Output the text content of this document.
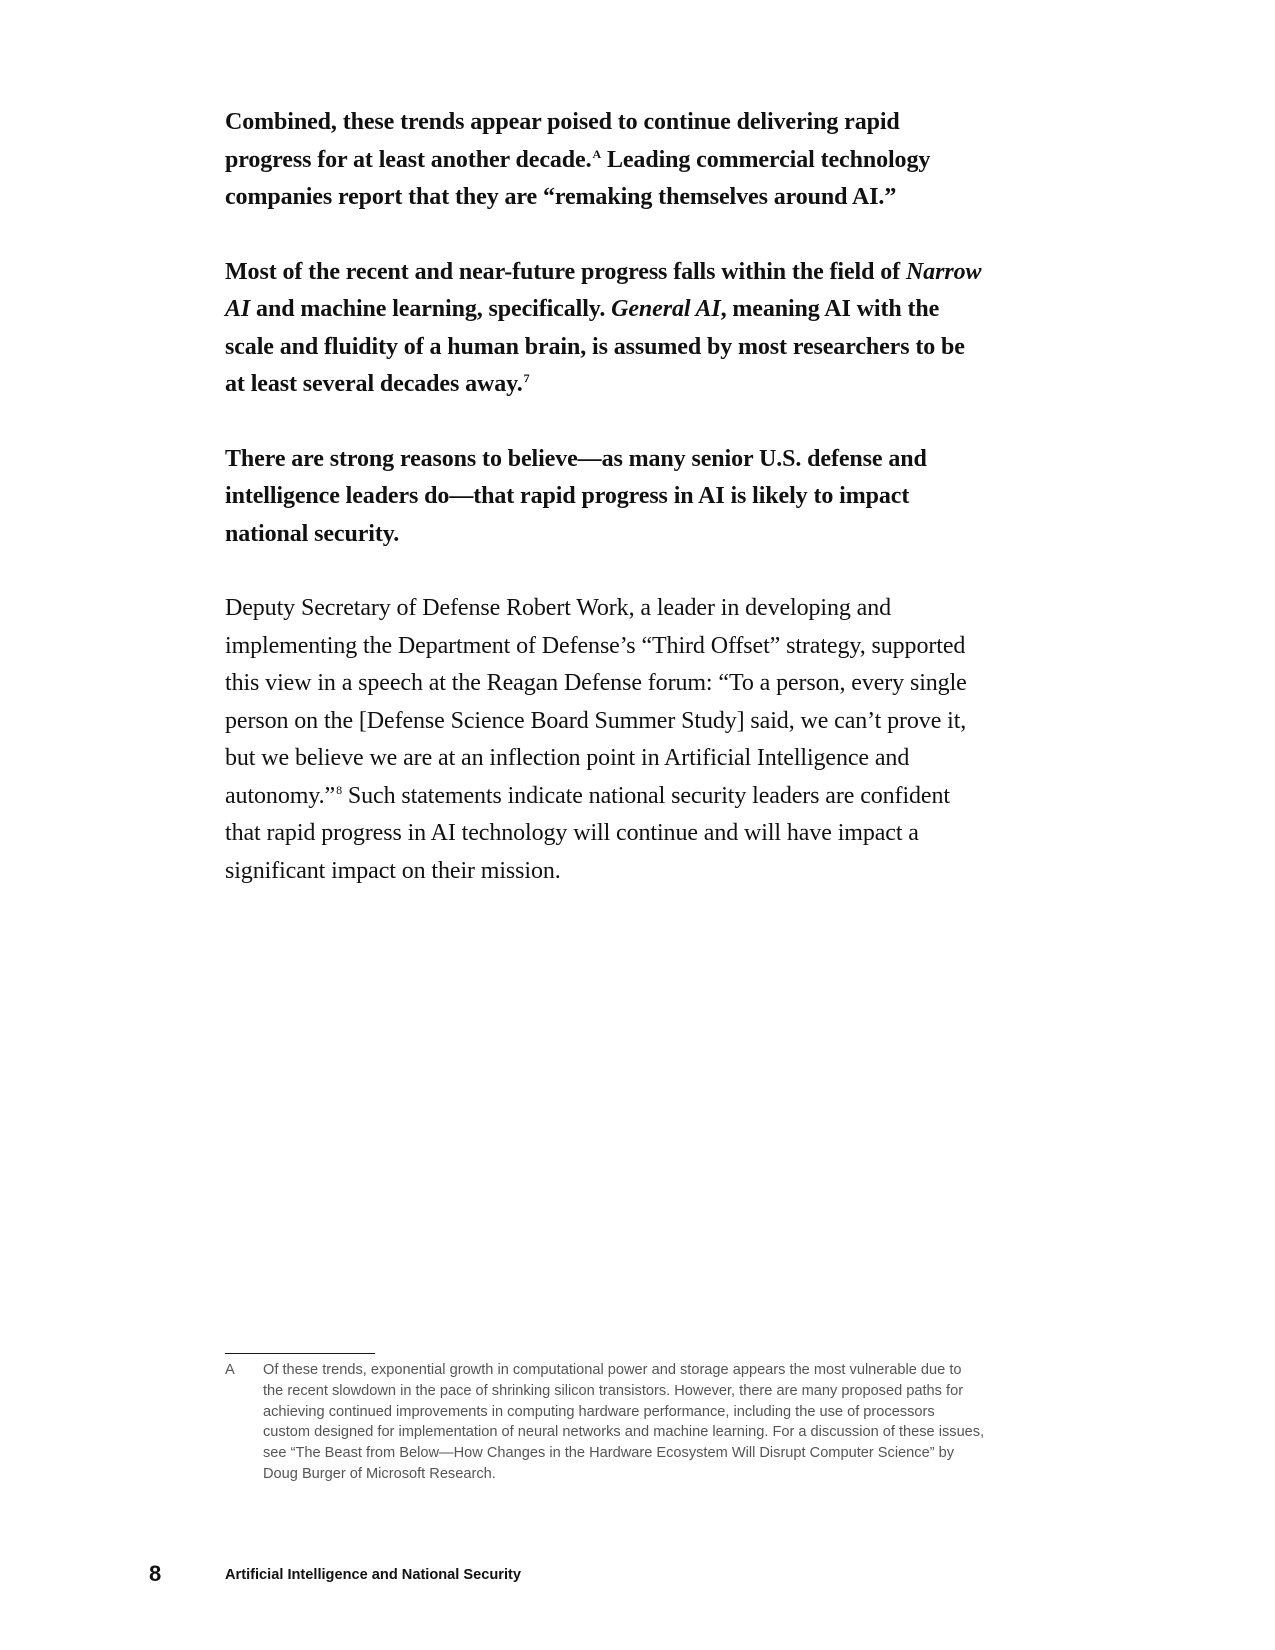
Combined, these trends appear poised to continue delivering rapid progress for at least another decade.$^A$ Leading commercial technology companies report that they are “remaking themselves around AI.”

Most of the recent and near-future progress falls within the field of Narrow AI and machine learning, specifically. General AI, meaning AI with the scale and fluidity of a human brain, is assumed by most researchers to be at least several decades away.$^7$

There are strong reasons to believe—as many senior U.S. defense and intelligence leaders do—that rapid progress in AI is likely to impact national security.

Deputy Secretary of Defense Robert Work, a leader in developing and implementing the Department of Defense’s “Third Offset” strategy, supported this view in a speech at the Reagan Defense forum: “To a person, every single person on the [Defense Science Board Summer Study] said, we can’t prove it, but we believe we are at an inflection point in Artificial Intelligence and autonomy.”$^8$ Such statements indicate national security leaders are confident that rapid progress in AI technology will continue and will have impact a significant impact on their mission.

A	Of these trends, exponential growth in computational power and storage appears the most vulnerable due to the recent slowdown in the pace of shrinking silicon transistors. However, there are many proposed paths for achieving continued improvements in computing hardware performance, including the use of processors custom designed for implementation of neural networks and machine learning. For a discussion of these issues, see “The Beast from Below—How Changes in the Hardware Ecosystem Will Disrupt Computer Science” by Doug Burger of Microsoft Research.
8	Artificial Intelligence and National Security
